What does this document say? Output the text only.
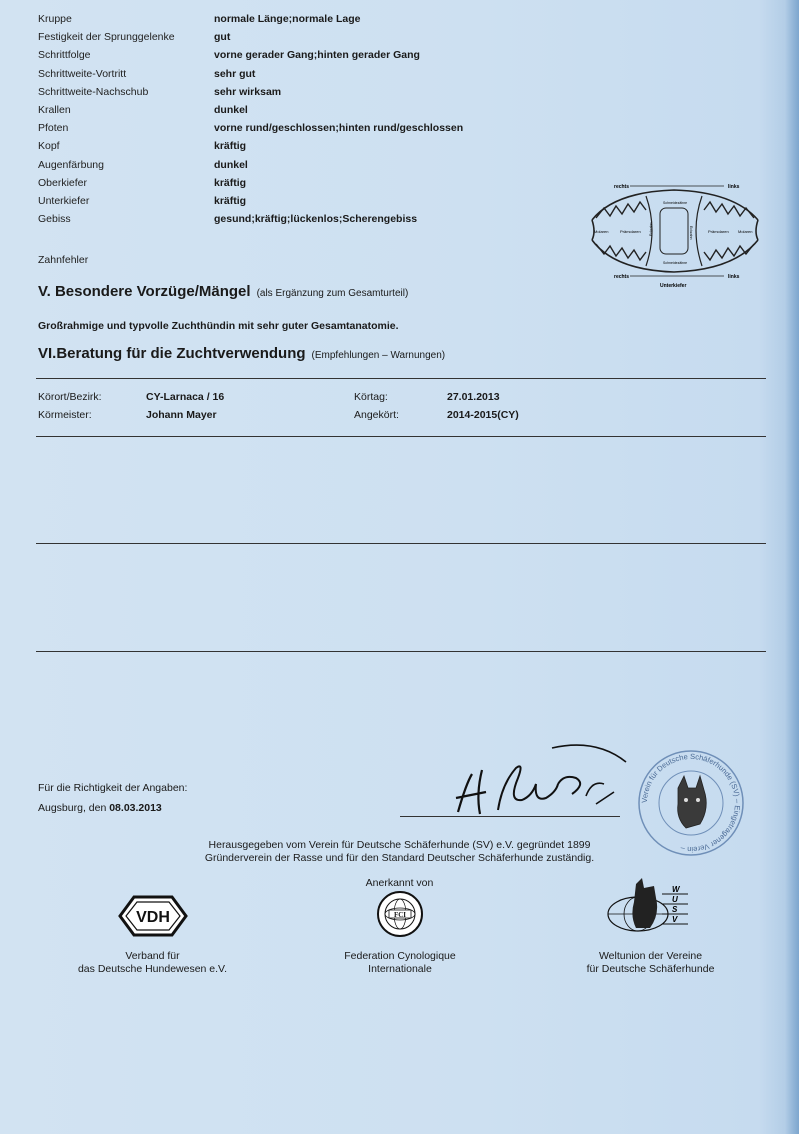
Kruppe	normale Länge;normale Lage
Festigkeit der Sprunggelenke	gut
Schrittfolge	vorne gerader Gang;hinten gerader Gang
Schrittweite-Vortritt	sehr gut
Schrittweite-Nachschub	sehr wirksam
Krallen	dunkel
Pfoten	vorne rund/geschlossen;hinten rund/geschlossen
Kopf	kräftig
Augenfärbung	dunkel
Oberkiefer	kräftig
Unterkiefer	kräftig
Gebiss	gesund;kräftig;lückenlos;Scherengebiss
Zahnfehler
rechts	links
Molaren	Prämolaren
Schneidezähne
Eckzahn	Eckzahn	Prämolaren Molaren
Schneidezähne
rechts	links
Unterkiefer
V. Besondere Vorzüge/Mängel (als Ergänzung zum Gesamturteil)
Großrahmige und typvolle Zuchthündin mit sehr guter Gesamtanatomie.
VI.Beratung für die Zuchtverwendung (Empfehlungen – Warnungen)
Körort/Bezirk:	CY-Larnaca / 16	Körtag:	27.01.2013
Körmeister:	Johann Mayer	Angekört:	2014-2015(CY)
Für die Richtigkeit der Angaben:
Augsburg, den 08.03.2013
Verein für Deutsche Schäferhunde (SV) – Eingetragener Verein –
Herausgegeben vom Verein für Deutsche Schäferhunde (SV) e.V. gegründet 1899
Gründerverein der Rasse und für den Standard Deutscher Schäferhunde zuständig.
Anerkannt von
VDH
Verband für
das Deutsche Hundewesen e.V.
FCI
Federation Cynologique
Internationale
W
U
S
V
Weltunion der Vereine
für Deutsche Schäferhunde
